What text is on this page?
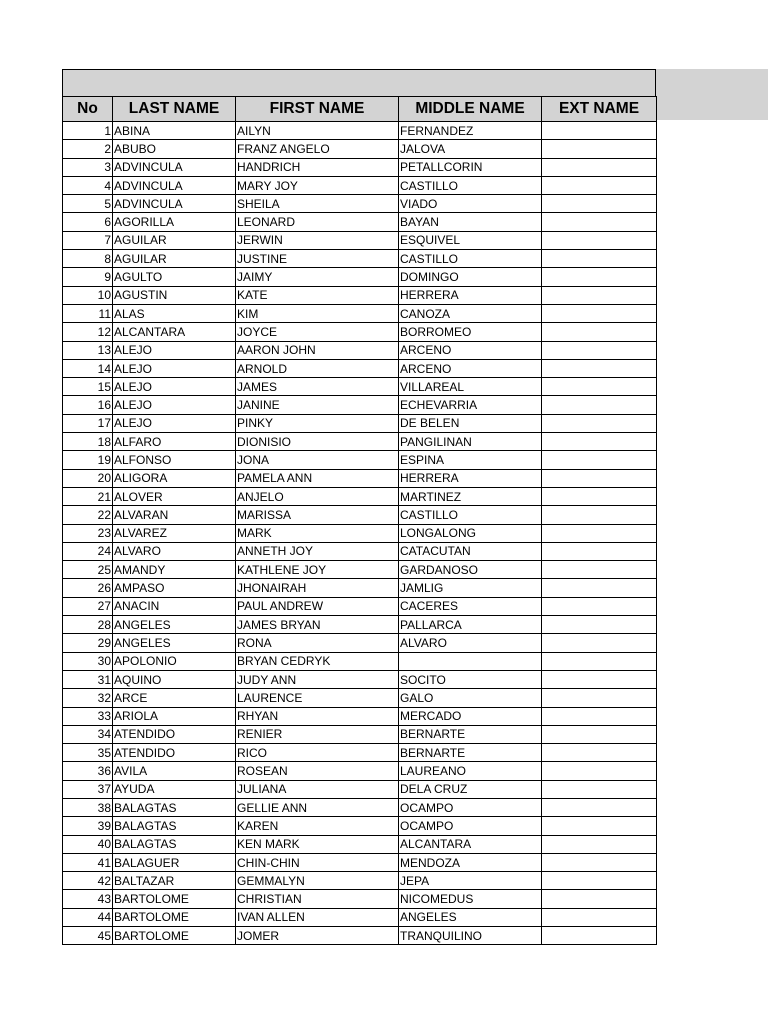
No	LAST NAME	FIRST NAME	MIDDLE NAME	EXT NAME
1	ABINA	AILYN	FERNANDEZ	
2	ABUBO	FRANZ ANGELO	JALOVA	
3	ADVINCULA	HANDRICH	PETALLCORIN	
4	ADVINCULA	MARY JOY	CASTILLO	
5	ADVINCULA	SHEILA	VIADO	
6	AGORILLA	LEONARD	BAYAN	
7	AGUILAR	JERWIN	ESQUIVEL	
8	AGUILAR	JUSTINE	CASTILLO	
9	AGULTO	JAIMY	DOMINGO	
10	AGUSTIN	KATE	HERRERA	
11	ALAS	KIM	CANOZA	
12	ALCANTARA	JOYCE	BORROMEO	
13	ALEJO	AARON JOHN	ARCENO	
14	ALEJO	ARNOLD	ARCENO	
15	ALEJO	JAMES	VILLAREAL	
16	ALEJO	JANINE	ECHEVARRIA	
17	ALEJO	PINKY	DE BELEN	
18	ALFARO	DIONISIO	PANGILINAN	
19	ALFONSO	JONA	ESPINA	
20	ALIGORA	PAMELA ANN	HERRERA	
21	ALOVER	ANJELO	MARTINEZ	
22	ALVARAN	MARISSA	CASTILLO	
23	ALVAREZ	MARK	LONGALONG	
24	ALVARO	ANNETH JOY	CATACUTAN	
25	AMANDY	KATHLENE JOY	GARDANOSO	
26	AMPASO	JHONAIRAH	JAMLIG	
27	ANACIN	PAUL ANDREW	CACERES	
28	ANGELES	JAMES BRYAN	PALLARCA	
29	ANGELES	RONA	ALVARO	
30	APOLONIO	BRYAN CEDRYK		
31	AQUINO	JUDY ANN	SOCITO	
32	ARCE	LAURENCE	GALO	
33	ARIOLA	RHYAN	MERCADO	
34	ATENDIDO	RENIER	BERNARTE	
35	ATENDIDO	RICO	BERNARTE	
36	AVILA	ROSEAN	LAUREANO	
37	AYUDA	JULIANA	DELA CRUZ	
38	BALAGTAS	GELLIE ANN	OCAMPO	
39	BALAGTAS	KAREN	OCAMPO	
40	BALAGTAS	KEN MARK	ALCANTARA	
41	BALAGUER	CHIN-CHIN	MENDOZA	
42	BALTAZAR	GEMMALYN	JEPA	
43	BARTOLOME	CHRISTIAN	NICOMEDUS	
44	BARTOLOME	IVAN ALLEN	ANGELES	
45	BARTOLOME	JOMER	TRANQUILINO	
